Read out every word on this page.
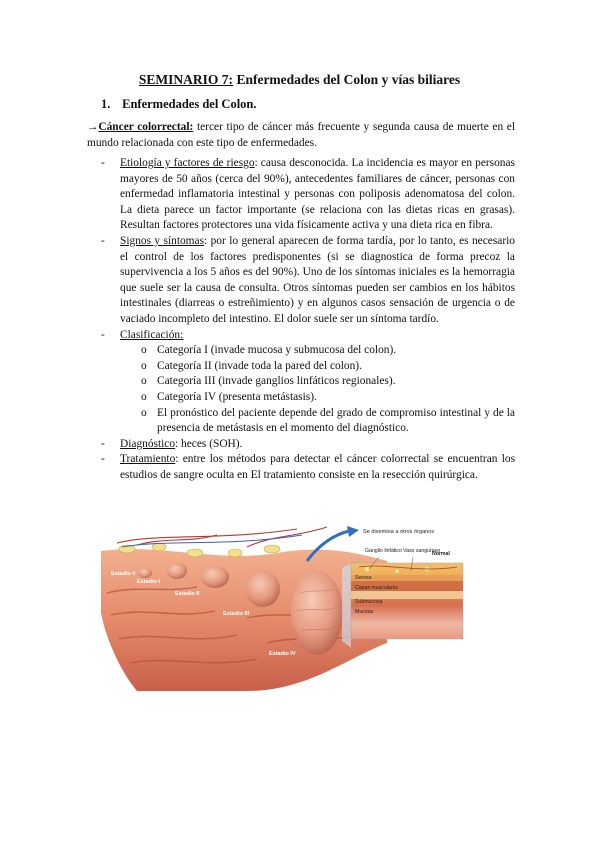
SEMINARIO 7: Enfermedades del Colon y vías biliares
1. Enfermedades del Colon.
→Cáncer colorrectal: tercer tipo de cáncer más frecuente y segunda causa de muerte en el mundo relacionada con este tipo de enfermedades.

- Etiología y factores de riesgo: causa desconocida. La incidencia es mayor en personas mayores de 50 años (cerca del 90%), antecedentes familiares de cáncer, personas con enfermedad inflamatoria intestinal y personas con poliposis adenomatosa del colon. La dieta parece un factor importante (se relaciona con las dietas ricas en grasas). Resultan factores protectores una vida físicamente activa y una dieta rica en fibra.

- Signos y síntomas: por lo general aparecen de forma tardía, por lo tanto, es necesario el control de los factores predisponentes (si se diagnostica de forma precoz la supervivencia a los 5 años es del 90%). Uno de los síntomas iniciales es la hemorragia que suele ser la causa de consulta. Otros síntomas pueden ser cambios en los hábitos intestinales (diarreas o estreñimiento) y en algunos casos sensación de urgencia o de vaciado incompleto del intestino. El dolor suele ser un síntoma tardío.

- Clasificación:

o Categoría I (invade mucosa y submucosa del colon).
o Categoría II (invade toda la pared del colon).
o Categoría III (invade ganglios linfáticos regionales).
o Categoría IV (presenta metástasis).
o El pronóstico del paciente depende del grado de compromiso intestinal y de la presencia de metástasis en el momento del diagnóstico.

- Diagnóstico: heces (SOH).

- Tratamiento: entre los métodos para detectar el cáncer colorrectal se encuentran los estudios de sangre oculta en El tratamiento consiste en la resección quirúrgica.

Estadio 0
Estadio I
Estadio II
Estadio III
Estadio IV
Se disemina a otros órganos
Normal
Ganglio linfático Vaso sanguíneo
Serosa
Capas musculares
Submucosa
Mucosa
